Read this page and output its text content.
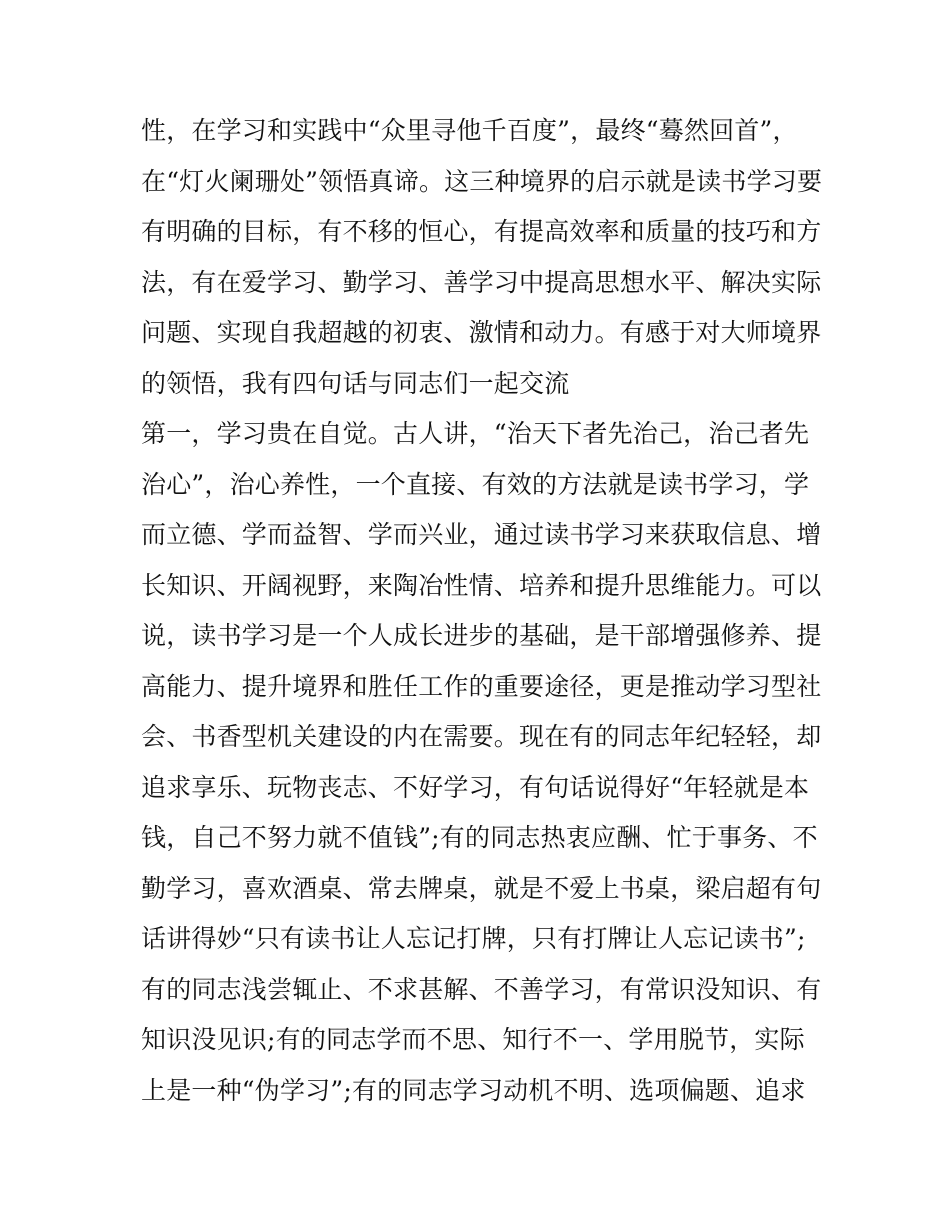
性，在学习和实践中“众里寻他千百度”，最终“蓦然回首”，
在“灯火阑珊处”领悟真谛。这三种境界的启示就是读书学习要
有明确的目标，有不移的恒心，有提高效率和质量的技巧和方
法，有在爱学习、勤学习、善学习中提高思想水平、解决实际
问题、实现自我超越的初衷、激情和动力。有感于对大师境界
的领悟，我有四句话与同志们一起交流
第一，学习贵在自觉。古人讲，“治天下者先治己，治己者先
治心”，治心养性，一个直接、有效的方法就是读书学习，学
而立德、学而益智、学而兴业，通过读书学习来获取信息、增
长知识、开阔视野，来陶冶性情、培养和提升思维能力。可以
说，读书学习是一个人成长进步的基础，是干部增强修养、提
高能力、提升境界和胜任工作的重要途径，更是推动学习型社
会、书香型机关建设的内在需要。现在有的同志年纪轻轻，却
追求享乐、玩物丧志、不好学习，有句话说得好“年轻就是本
钱，自己不努力就不值钱”;有的同志热衷应酬、忙于事务、不
勤学习，喜欢酒桌、常去牌桌，就是不爱上书桌，梁启超有句
话讲得妙“只有读书让人忘记打牌，只有打牌让人忘记读书”;
有的同志浅尝辄止、不求甚解、不善学习，有常识没知识、有
知识没见识;有的同志学而不思、知行不一、学用脱节，实际
上是一种“伪学习”;有的同志学习动机不明、选项偏题、追求
